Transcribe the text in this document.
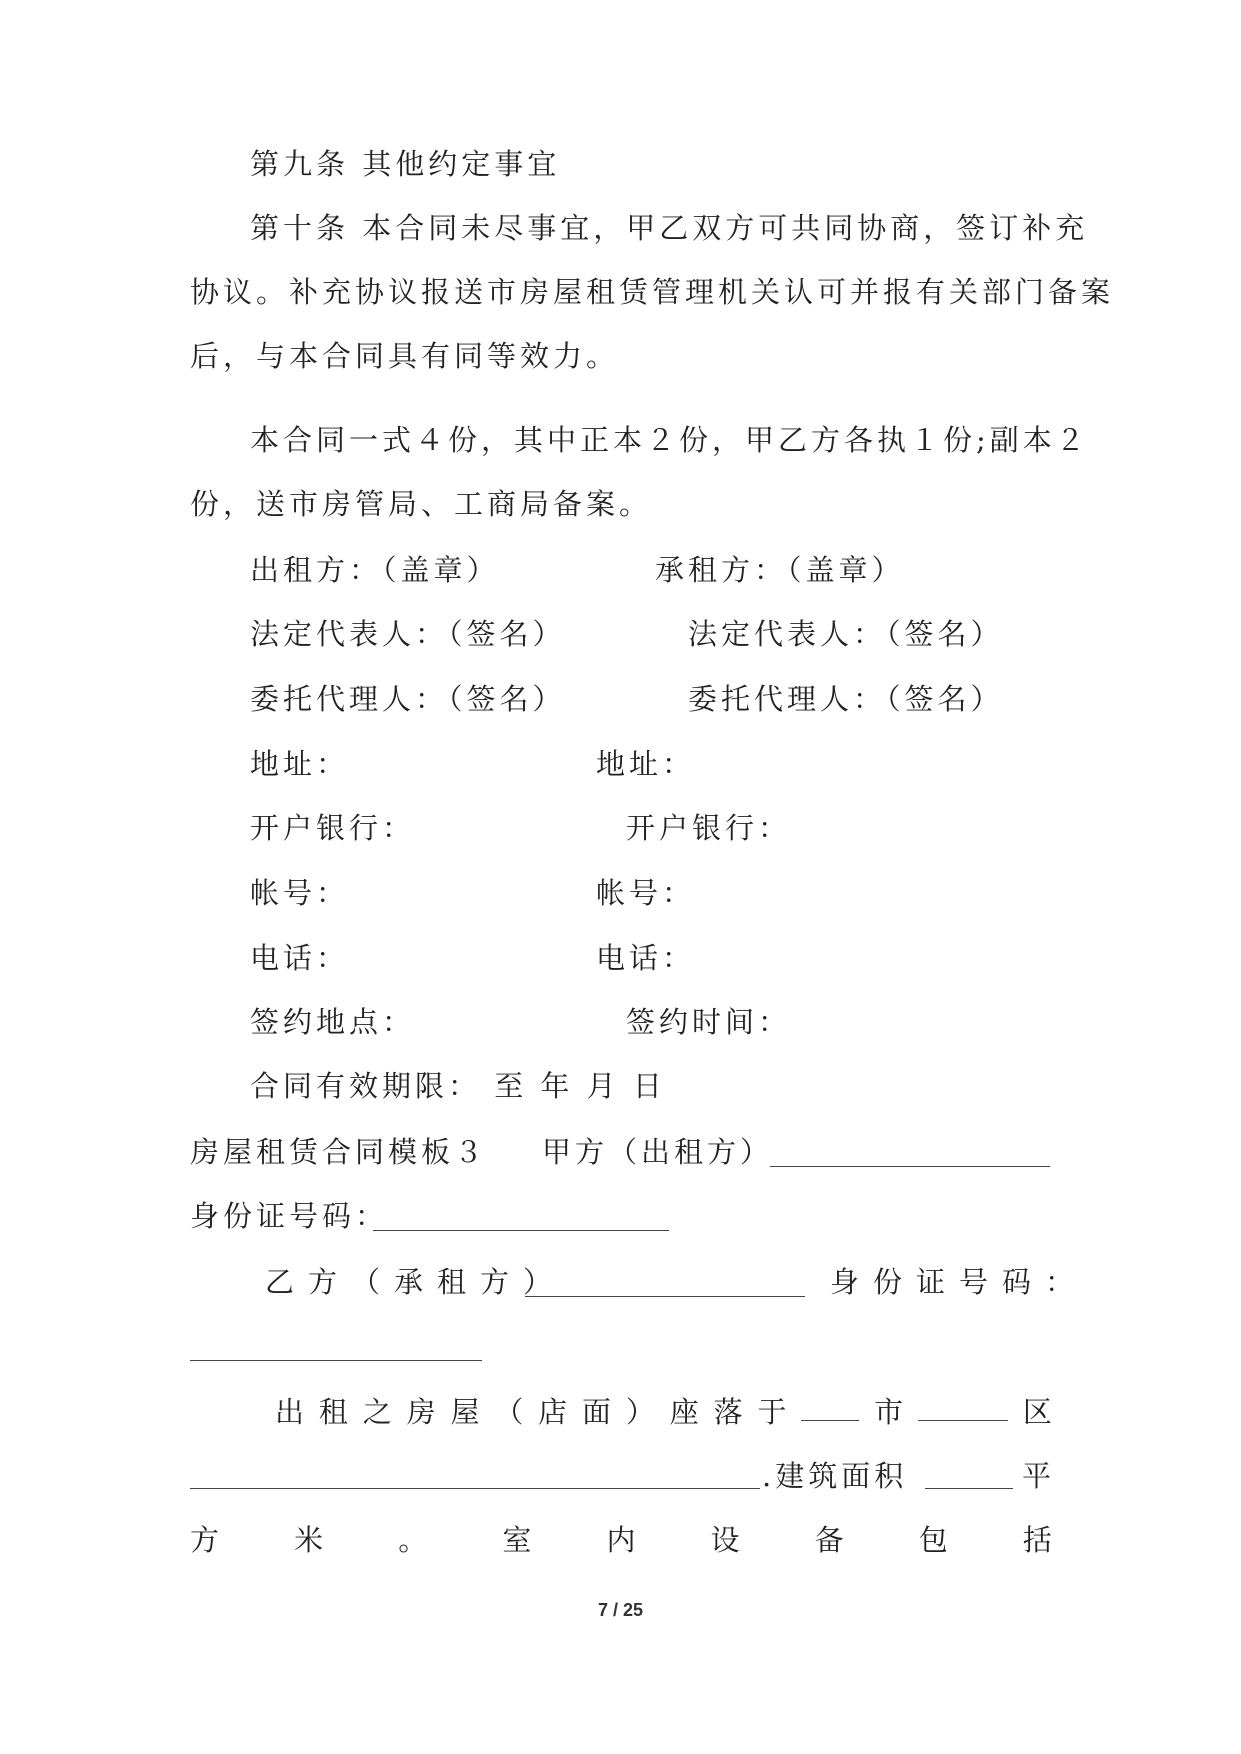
第九条 其他约定事宜
第十条 本合同未尽事宜，甲乙双方可共同协商，签订补充
协议。补充协议报送市房屋租赁管理机关认可并报有关部门备案
后，与本合同具有同等效力。
本合同一式４份，其中正本２份，甲乙方各执１份;副本２
份，送市房管局、工商局备案。
出租方：（盖章）	承租方：（盖章）
法定代表人：（签名）	法定代表人：（签名）
委托代理人：（签名）	委托代理人：（签名）
地址：	地址：
开户银行：	开户银行：
帐号：	帐号：
电话：	电话：
签约地点：	签约时间：
合同有效期限： 至 年 月 日
房屋租赁合同模板３ 甲方（出租方）
身份证号码：
乙方（承租方）	身份证号码：
出 租 之 房 屋 （ 店 面 ） 座 落 于	市	区
.建筑面积	平
方	米	。	室	内	设	备	包	括
7 / 25
